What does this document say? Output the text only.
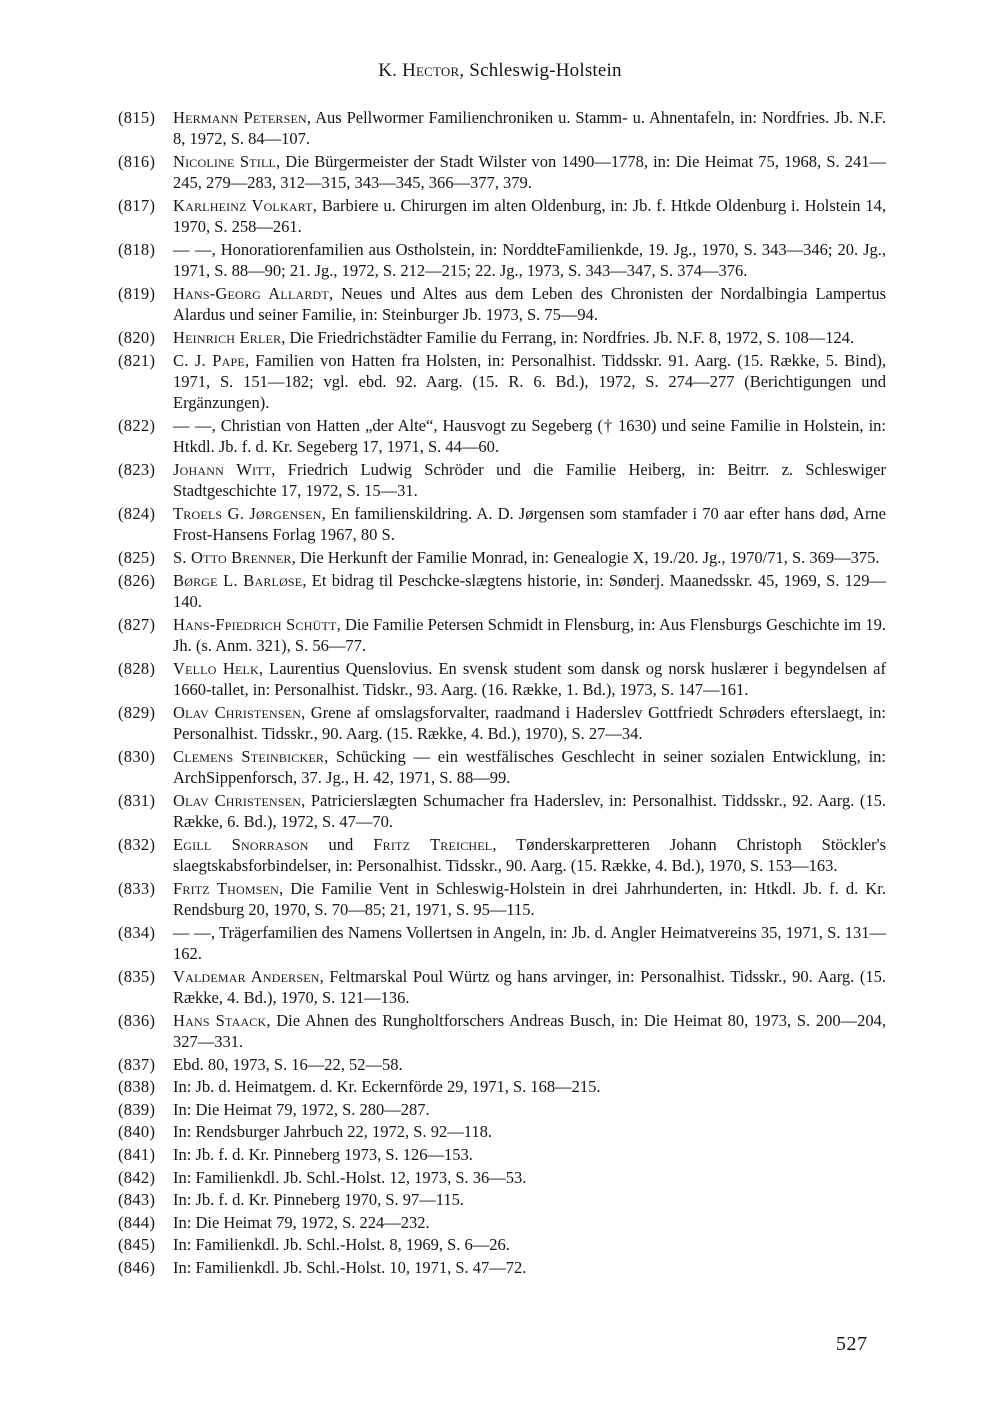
K. Hector, Schleswig-Holstein
(815) Hermann Petersen, Aus Pellwormer Familienchroniken u. Stamm- u. Ahnentafeln, in: Nordfries. Jb. N.F. 8, 1972, S. 84—107.
(816) Nicoline Still, Die Bürgermeister der Stadt Wilster von 1490—1778, in: Die Heimat 75, 1968, S. 241—245, 279—283, 312—315, 343—345, 366—377, 379.
(817) Karlheinz Volkart, Barbiere u. Chirurgen im alten Oldenburg, in: Jb. f. Htkde Oldenburg i. Holstein 14, 1970, S. 258—261.
(818) — —, Honoratiorenfamilien aus Ostholstein, in: NorddteFamilienkde, 19. Jg., 1970, S. 343—346; 20. Jg., 1971, S. 88—90; 21. Jg., 1972, S. 212—215; 22. Jg., 1973, S. 343—347, S. 374—376.
(819) Hans-Georg Allardt, Neues und Altes aus dem Leben des Chronisten der Nordalbingia Lampertus Alardus und seiner Familie, in: Steinburger Jb. 1973, S. 75—94.
(820) Heinrich Erler, Die Friedrichstädter Familie du Ferrang, in: Nordfries. Jb. N.F. 8, 1972, S. 108—124.
(821) C. J. Pape, Familien von Hatten fra Holsten, in: Personalhist. Tiddsskr. 91. Aarg. (15. Række, 5. Bind), 1971, S. 151—182; vgl. ebd. 92. Aarg. (15. R. 6. Bd.), 1972, S. 274—277 (Berichtigungen und Ergänzungen).
(822) — —, Christian von Hatten „der Alte“, Hausvogt zu Segeberg († 1630) und seine Familie in Holstein, in: Htkdl. Jb. f. d. Kr. Segeberg 17, 1971, S. 44—60.
(823) Johann Witt, Friedrich Ludwig Schröder und die Familie Heiberg, in: Beitrr. z. Schleswiger Stadtgeschichte 17, 1972, S. 15—31.
(824) Troels G. Jørgensen, En familienskildring. A. D. Jørgensen som stamfader i 70 aar efter hans død, Arne Frost-Hansens Forlag 1967, 80 S.
(825) S. Otto Brenner, Die Herkunft der Familie Monrad, in: Genealogie X, 19./20. Jg., 1970/71, S. 369—375.
(826) Børge L. Barløse, Et bidrag til Peschcke-slægtens historie, in: Sønderj. Maanedsskr. 45, 1969, S. 129—140.
(827) Hans-Fpiedrich Schütt, Die Familie Petersen Schmidt in Flensburg, in: Aus Flensburgs Geschichte im 19. Jh. (s. Anm. 321), S. 56—77.
(828) Vello Helk, Laurentius Quenslovius. En svensk student som dansk og norsk huslærer i begyndelsen af 1660-tallet, in: Personalhist. Tidskr., 93. Aarg. (16. Række, 1. Bd.), 1973, S. 147—161.
(829) Olav Christensen, Grene af omslagsforvalter, raadmand i Haderslev Gottfriedt Schrøders efterslaegt, in: Personalhist. Tidsskr., 90. Aarg. (15. Række, 4. Bd.), 1970), S. 27—34.
(830) Clemens Steinbicker, Schücking — ein westfälisches Geschlecht in seiner sozialen Entwicklung, in: ArchSippenforsch, 37. Jg., H. 42, 1971, S. 88—99.
(831) Olav Christensen, Patricierslægten Schumacher fra Haderslev, in: Personalhist. Tiddsskr., 92. Aarg. (15. Række, 6. Bd.), 1972, S. 47—70.
(832) Egill Snorrason und Fritz Treichel, Tønderskarpretteren Johann Christoph Stöckler's slaegtskabsforbindelser, in: Personalhist. Tidsskr., 90. Aarg. (15. Række, 4. Bd.), 1970, S. 153—163.
(833) Fritz Thomsen, Die Familie Vent in Schleswig-Holstein in drei Jahrhunderten, in: Htkdl. Jb. f. d. Kr. Rendsburg 20, 1970, S. 70—85; 21, 1971, S. 95—115.
(834) — —, Trägerfamilien des Namens Vollertsen in Angeln, in: Jb. d. Angler Heimatvereins 35, 1971, S. 131—162.
(835) Valdemar Andersen, Feltmarskal Poul Würtz og hans arvinger, in: Personalhist. Tidsskr., 90. Aarg. (15. Række, 4. Bd.), 1970, S. 121—136.
(836) Hans Staack, Die Ahnen des Rungholtforschers Andreas Busch, in: Die Heimat 80, 1973, S. 200—204, 327—331.
(837) Ebd. 80, 1973, S. 16—22, 52—58.
(838) In: Jb. d. Heimatgem. d. Kr. Eckernförde 29, 1971, S. 168—215.
(839) In: Die Heimat 79, 1972, S. 280—287.
(840) In: Rendsburger Jahrbuch 22, 1972, S. 92—118.
(841) In: Jb. f. d. Kr. Pinneberg 1973, S. 126—153.
(842) In: Familienkdl. Jb. Schl.-Holst. 12, 1973, S. 36—53.
(843) In: Jb. f. d. Kr. Pinneberg 1970, S. 97—115.
(844) In: Die Heimat 79, 1972, S. 224—232.
(845) In: Familienkdl. Jb. Schl.-Holst. 8, 1969, S. 6—26.
(846) In: Familienkdl. Jb. Schl.-Holst. 10, 1971, S. 47—72.
527
